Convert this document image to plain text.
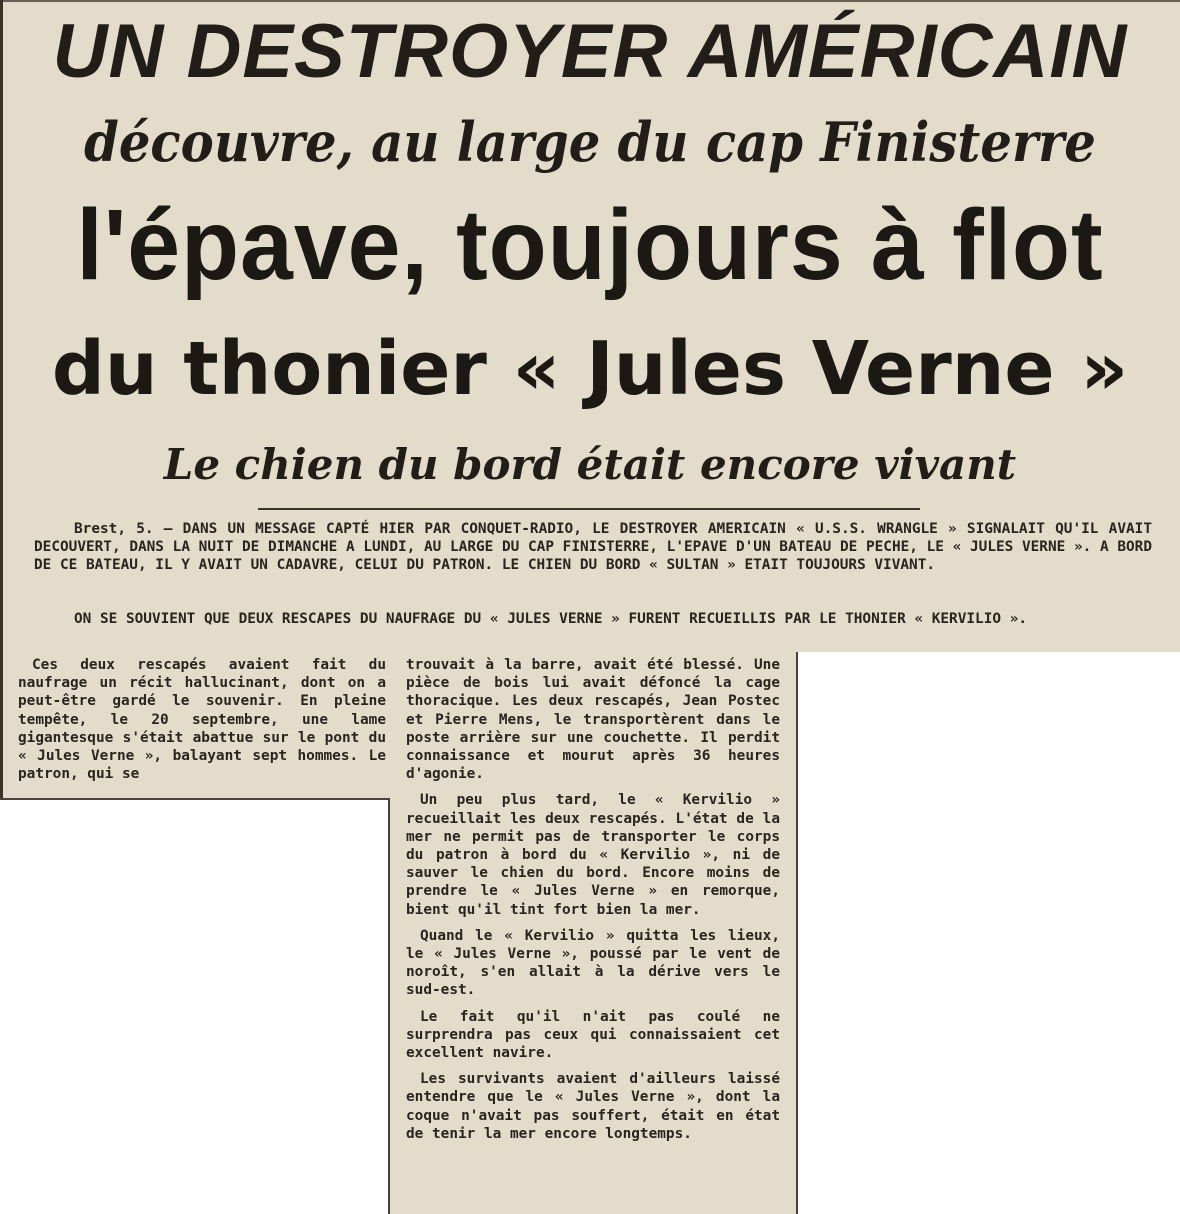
UN DESTROYER AMÉRICAIN
découvre, au large du cap Finisterre
l'épave, toujours à flot
du thonier « Jules Verne »
Le chien du bord était encore vivant

Brest, 5. — DANS UN MESSAGE CAPTÉ HIER PAR CONQUET-RADIO, LE DESTROYER AMERICAIN « U.S.S. WRANGLE » SIGNALAIT QU'IL AVAIT DECOUVERT, DANS LA NUIT DE DIMANCHE A LUNDI, AU LARGE DU CAP FINISTERRE, L'EPAVE D'UN BATEAU DE PECHE, LE « JULES VERNE ». A BORD DE CE BATEAU, IL Y AVAIT UN CADAVRE, CELUI DU PATRON. LE CHIEN DU BORD « SULTAN » ETAIT TOUJOURS VIVANT.

ON SE SOUVIENT QUE DEUX RESCAPES DU NAUFRAGE DU « JULES VERNE » FURENT RECUEILLIS PAR LE THONIER « KERVILIO ».

Ces deux rescapés avaient fait du naufrage un récit hallucinant, dont on a peut-être gardé le souvenir. En pleine tempête, le 20 septembre, une lame gigantesque s'était abattue sur le pont du « Jules Verne », balayant sept hommes. Le patron, qui se

trouvait à la barre, avait été blessé. Une pièce de bois lui avait défoncé la cage thoracique. Les deux rescapés, Jean Postec et Pierre Mens, le transportèrent dans le poste arrière sur une couchette. Il perdit connaissance et mourut après 36 heures d'agonie.

Un peu plus tard, le « Kervilio » recueillait les deux rescapés. L'état de la mer ne permit pas de transporter le corps du patron à bord du « Kervilio », ni de sauver le chien du bord. Encore moins de prendre le « Jules Verne » en remorque, bient qu'il tint fort bien la mer.

Quand le « Kervilio » quitta les lieux, le « Jules Verne », poussé par le vent de noroît, s'en allait à la dérive vers le sud-est.

Le fait qu'il n'ait pas coulé ne surprendra pas ceux qui connaissaient cet excellent navire.

Les survivants avaient d'ailleurs laissé entendre que le « Jules Verne », dont la coque n'avait pas souffert, était en état de tenir la mer encore longtemps.
